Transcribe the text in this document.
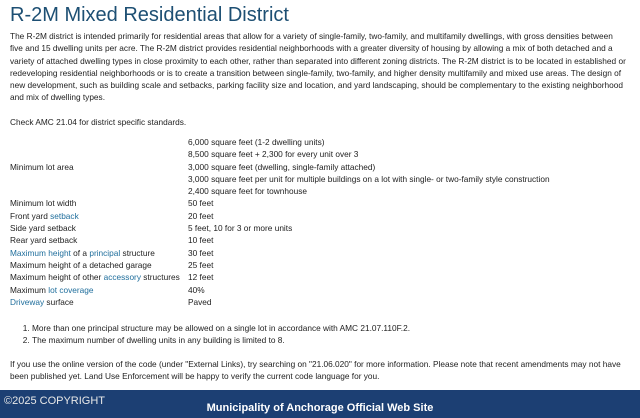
R-2M Mixed Residential District

The R-2M district is intended primarily for residential areas that allow for a variety of single-family, two-family, and multifamily dwellings, with gross densities between five and 15 dwelling units per acre. The R-2M district provides residential neighborhoods with a greater diversity of housing by allowing a mix of both detached and a variety of attached dwelling types in close proximity to each other, rather than separated into different zoning districts. The R-2M district is to be located in established or redeveloping residential neighborhoods or is to create a transition between single-family, two-family, and higher density multifamily and mixed use areas. The design of new development, such as building scale and setbacks, parking facility size and location, and yard landscaping, should be complementary to the existing neighborhood and mix of dwelling types.

Check AMC 21.04 for district specific standards.

	6,000 square feet (1-2 dwelling units)
	8,500 square feet + 2,300 for every unit over 3
Minimum lot area	3,000 square feet (dwelling, single-family attached)
	3,000 square feet per unit for multiple buildings on a lot with single- or two-family style construction
	2,400 square feet for townhouse
Minimum lot width	50 feet
Front yard setback	20 feet
Side yard setback	5 feet, 10 for 3 or more units
Rear yard setback	10 feet
Maximum height of a principal structure	30 feet
Maximum height of a detached garage	25 feet
Maximum height of other accessory structures	12 feet
Maximum lot coverage	40%
Driveway surface	Paved
1. More than one principal structure may be allowed on a single lot in accordance with AMC 21.07.110F.2.
2. The maximum number of dwelling units in any building is limited to 8.

If you use the online version of the code (under "External Links), try searching on "21.06.020" for more information. Please note that recent amendments may not have been published yet. Land Use Enforcement will be happy to verify the current code language for you.

©2025 COPYRIGHT
Municipality of Anchorage Official Web Site
